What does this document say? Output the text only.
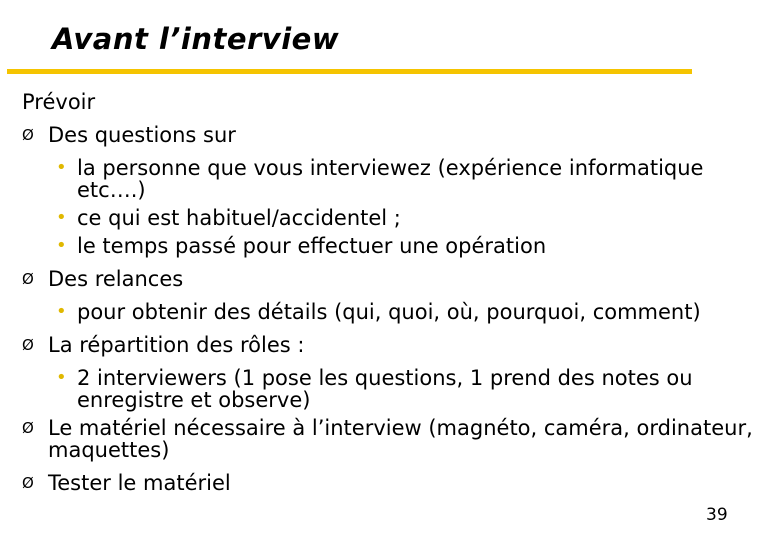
Avant l’interview
Prévoir
Ø Des questions sur
• la personne que vous interviewez (expérience informatique etc….)
• ce qui est habituel/accidentel ;
• le temps passé pour effectuer une opération
Ø Des relances
• pour obtenir des détails (qui, quoi, où, pourquoi, comment)
Ø La répartition des rôles :
• 2 interviewers (1 pose les questions, 1 prend des notes ou enregistre et observe)
Ø Le matériel nécessaire à l’interview (magnéto, caméra, ordinateur, maquettes)
Ø Tester le matériel
39
